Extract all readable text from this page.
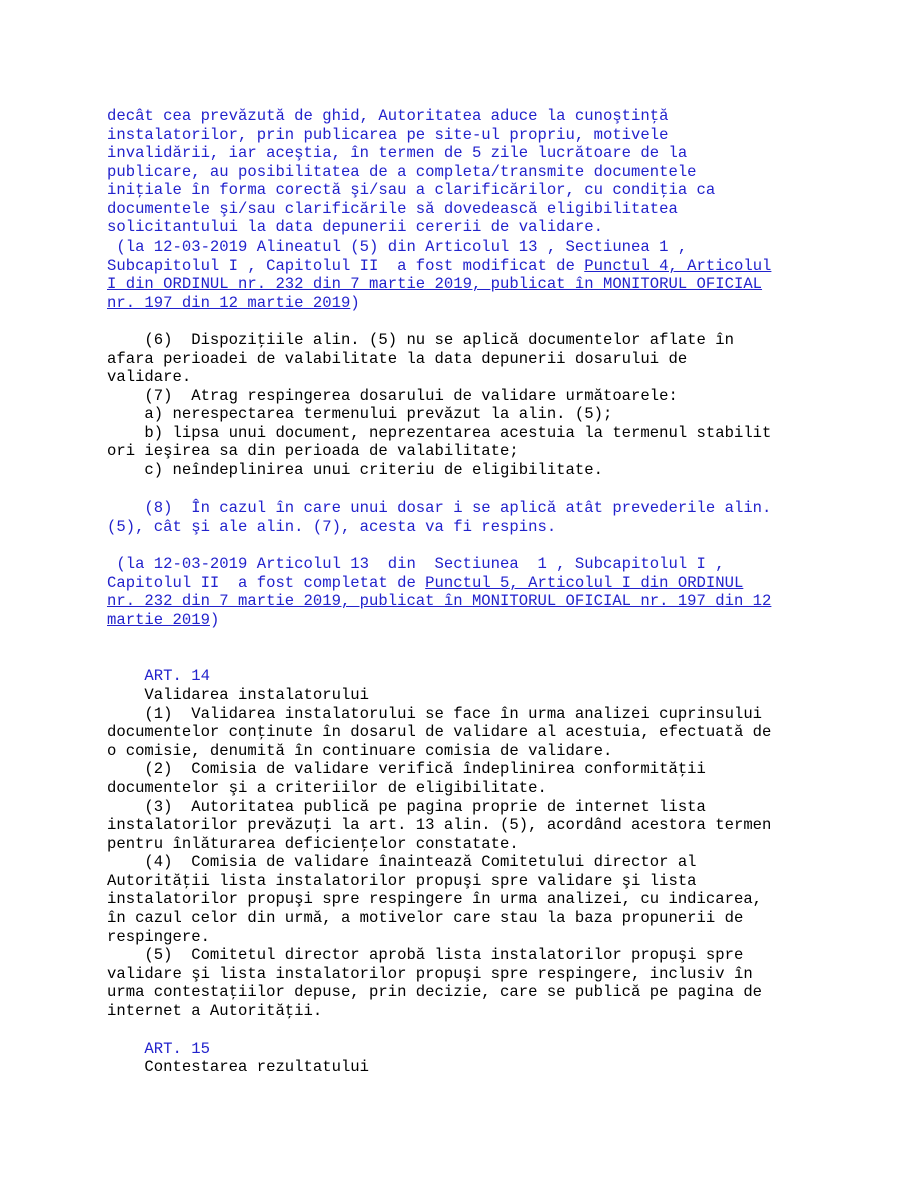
decât cea prevăzută de ghid, Autoritatea aduce la cunoştinţă
instalatorilor, prin publicarea pe site-ul propriu, motivele
invalidării, iar aceştia, în termen de 5 zile lucrătoare de la
publicare, au posibilitatea de a completa/transmite documentele
iniţiale în forma corectă şi/sau a clarificărilor, cu condiţia ca
documentele şi/sau clarificările să dovedească eligibilitatea
solicitantului la data depunerii cererii de validare.
(la 12-03-2019 Alineatul (5) din Articolul 13 , Sectiunea 1 ,
Subcapitolul I , Capitolul II  a fost modificat de Punctul 4, Articolul
I din ORDINUL nr. 232 din 7 martie 2019, publicat în MONITORUL OFICIAL
nr. 197 din 12 martie 2019)
(6)  Dispoziţiile alin. (5) nu se aplică documentelor aflate în
afara perioadei de valabilitate la data depunerii dosarului de
validare.
(7)  Atrag respingerea dosarului de validare următoarele:
a) nerespectarea termenului prevăzut la alin. (5);
b) lipsa unui document, neprezentarea acestuia la termenul stabilit
ori ieşirea sa din perioada de valabilitate;
c) neîndeplinirea unui criteriu de eligibilitate.
(8)  În cazul în care unui dosar i se aplică atât prevederile alin.
(5), cât şi ale alin. (7), acesta va fi respins.
(la 12-03-2019 Articolul 13  din  Sectiunea  1 , Subcapitolul I ,
Capitolul II  a fost completat de Punctul 5, Articolul I din ORDINUL
nr. 232 din 7 martie 2019, publicat în MONITORUL OFICIAL nr. 197 din 12
martie 2019)
ART. 14
Validarea instalatorului
(1)  Validarea instalatorului se face în urma analizei cuprinsului
documentelor conţinute în dosarul de validare al acestuia, efectuată de
o comisie, denumită în continuare comisia de validare.
(2)  Comisia de validare verifică îndeplinirea conformităţii
documentelor şi a criteriilor de eligibilitate.
(3)  Autoritatea publică pe pagina proprie de internet lista
instalatorilor prevăzuţi la art. 13 alin. (5), acordând acestora termen
pentru înlăturarea deficienţelor constatate.
(4)  Comisia de validare înaintează Comitetului director al
Autorităţii lista instalatorilor propuşi spre validare şi lista
instalatorilor propuşi spre respingere în urma analizei, cu indicarea,
în cazul celor din urmă, a motivelor care stau la baza propunerii de
respingere.
(5)  Comitetul director aprobă lista instalatorilor propuşi spre
validare şi lista instalatorilor propuşi spre respingere, inclusiv în
urma contestaţiilor depuse, prin decizie, care se publică pe pagina de
internet a Autorităţii.
ART. 15
Contestarea rezultatului
